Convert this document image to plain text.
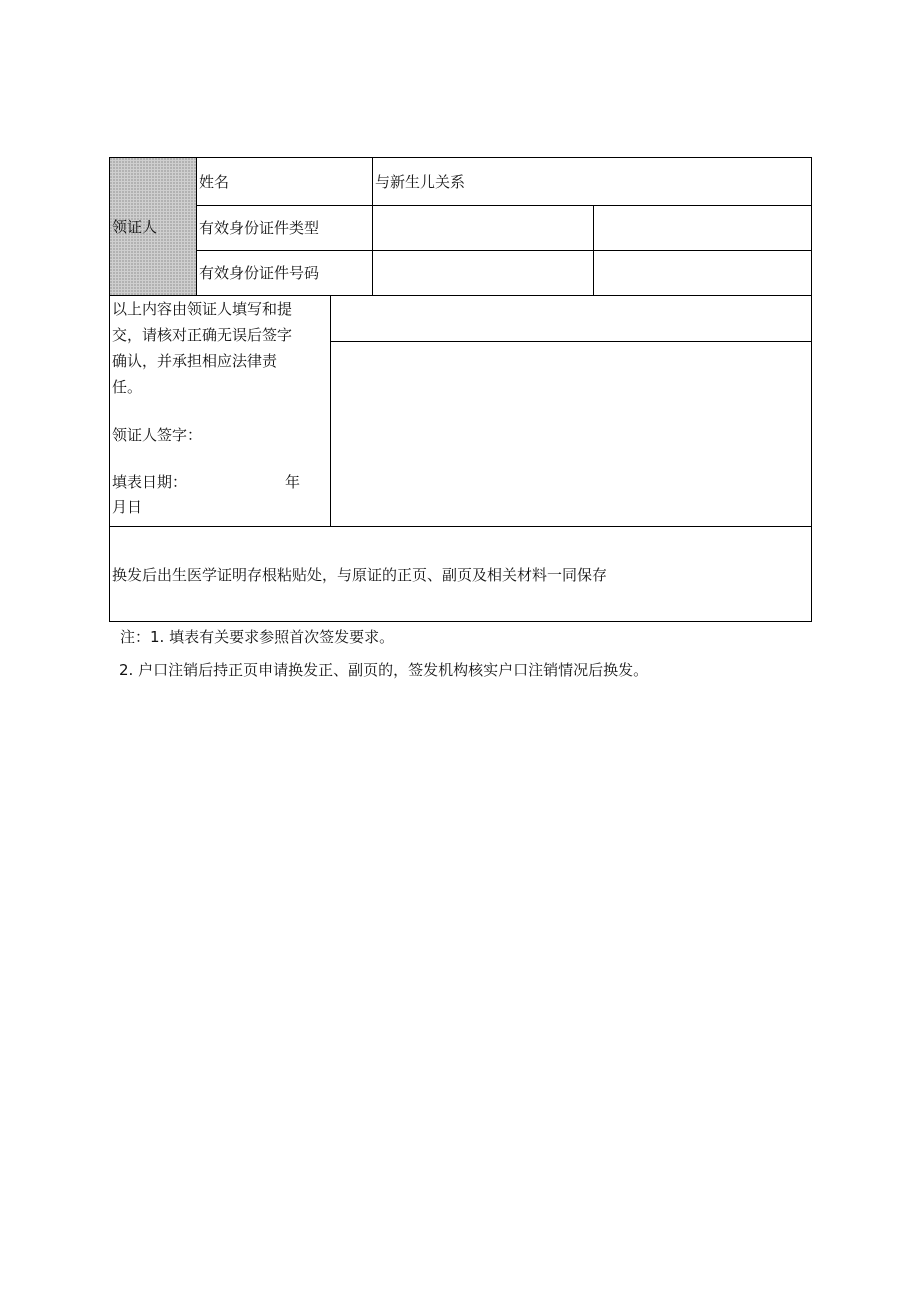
领证人
姓名	与新生儿关系
有效身份证件类型
有效身份证件号码
以上内容由领证人填写和提
交，请核对正确无误后签字
确认，并承担相应法律责
任。
领证人签字：
填表日期：	年
月日
换发后出生医学证明存根粘贴处，与原证的正页、副页及相关材料一同保存
注：1. 填表有关要求参照首次签发要求。
2. 户口注销后持正页申请换发正、副页的，签发机构核实户口注销情况后换发。
